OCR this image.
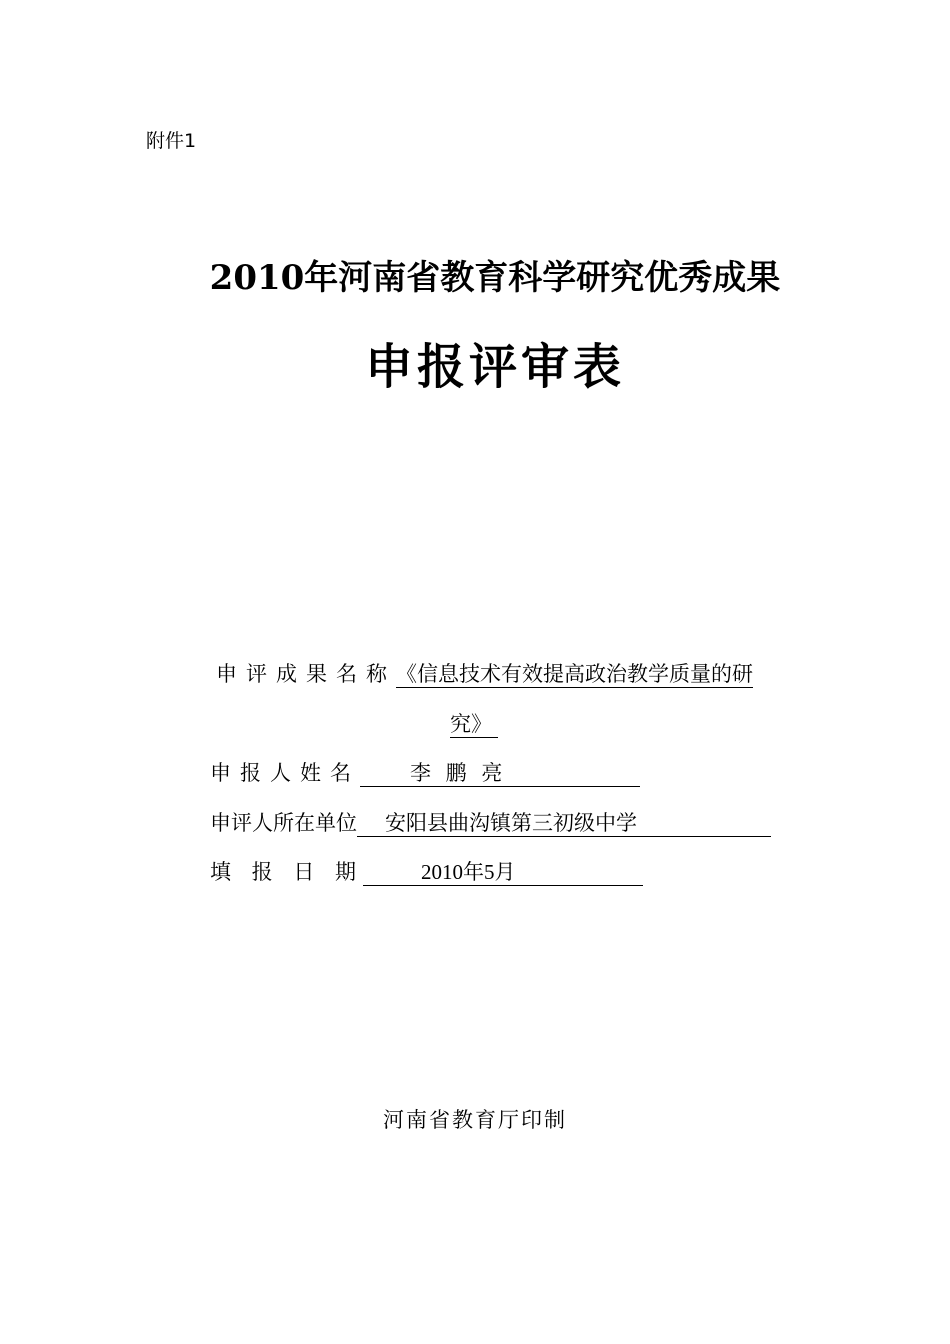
附件1
2010年河南省教育科学研究优秀成果
申报评审表
申评成果名称《信息技术有效提高政治教学质量的研
究》
申报人姓名 李 鹏 亮
申评人所在单位 安阳县曲沟镇第三初级中学
填 报 日 期	2010年5月
河南省教育厅印制
